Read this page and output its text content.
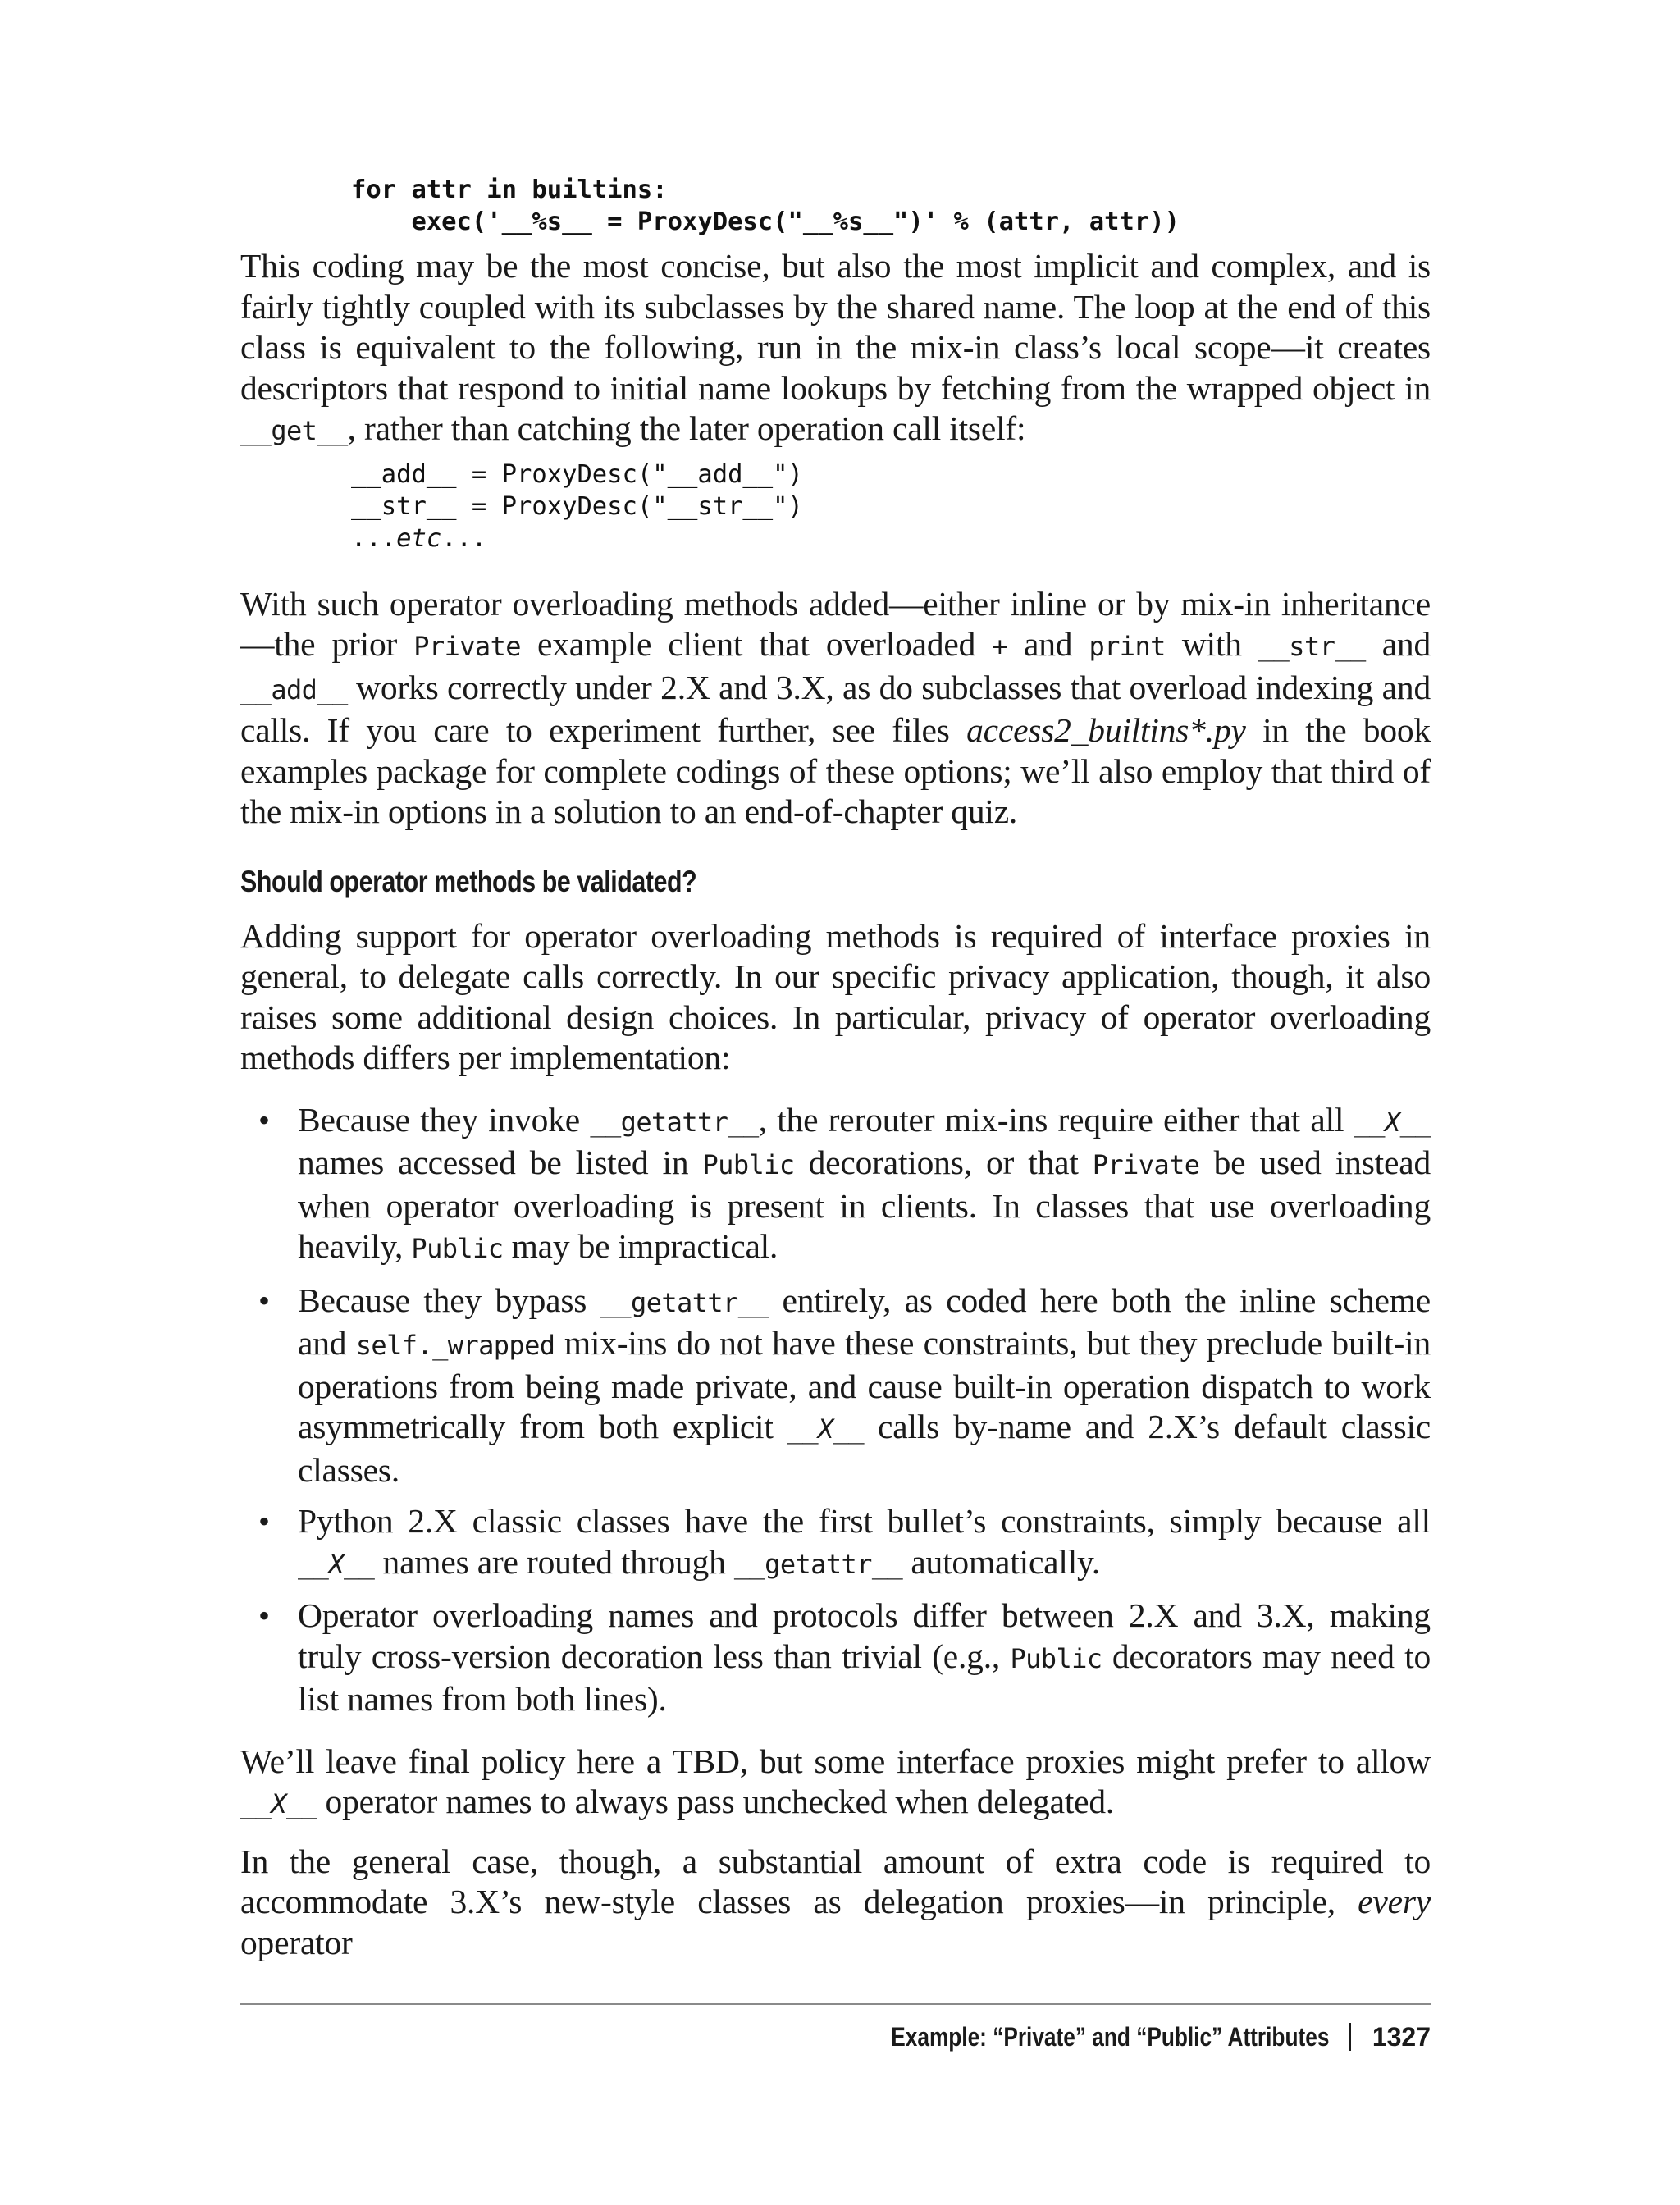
for attr in builtins:
exec('__%s__ = ProxyDesc("__%s__")' % (attr, attr))

This coding may be the most concise, but also the most implicit and complex, and is fairly tightly coupled with its subclasses by the shared name. The loop at the end of this class is equivalent to the following, run in the mix-in class’s local scope—it creates descriptors that respond to initial name lookups by fetching from the wrapped object in __get__, rather than catching the later operation call itself:

__add__ = ProxyDesc("__add__")
__str__ = ProxyDesc("__str__")
...etc...

With such operator overloading methods added—either inline or by mix-in inheritance —the prior Private example client that overloaded + and print with __str__ and __add__ works correctly under 2.X and 3.X, as do subclasses that overload indexing and calls. If you care to experiment further, see files access2_builtins*.py in the book examples package for complete codings of these options; we’ll also employ that third of the mix-in options in a solution to an end-of-chapter quiz.

Should operator methods be validated?

Adding support for operator overloading methods is required of interface proxies in general, to delegate calls correctly. In our specific privacy application, though, it also raises some additional design choices. In particular, privacy of operator overloading methods differs per implementation:

• Because they invoke __getattr__, the rerouter mix-ins require either that all __X__ names accessed be listed in Public decorations, or that Private be used instead when operator overloading is present in clients. In classes that use overloading heavily, Public may be impractical.
• Because they bypass __getattr__ entirely, as coded here both the inline scheme and self._wrapped mix-ins do not have these constraints, but they preclude built-in operations from being made private, and cause built-in operation dispatch to work asymmetrically from both explicit __X__ calls by-name and 2.X’s default classic classes.
• Python 2.X classic classes have the first bullet’s constraints, simply because all __X__ names are routed through __getattr__ automatically.
• Operator overloading names and protocols differ between 2.X and 3.X, making truly cross-version decoration less than trivial (e.g., Public decorators may need to list names from both lines).

We’ll leave final policy here a TBD, but some interface proxies might prefer to allow __X__ operator names to always pass unchecked when delegated.

In the general case, though, a substantial amount of extra code is required to accommodate 3.X’s new-style classes as delegation proxies—in principle, every operator

Example: “Private” and “Public” Attributes 1327
